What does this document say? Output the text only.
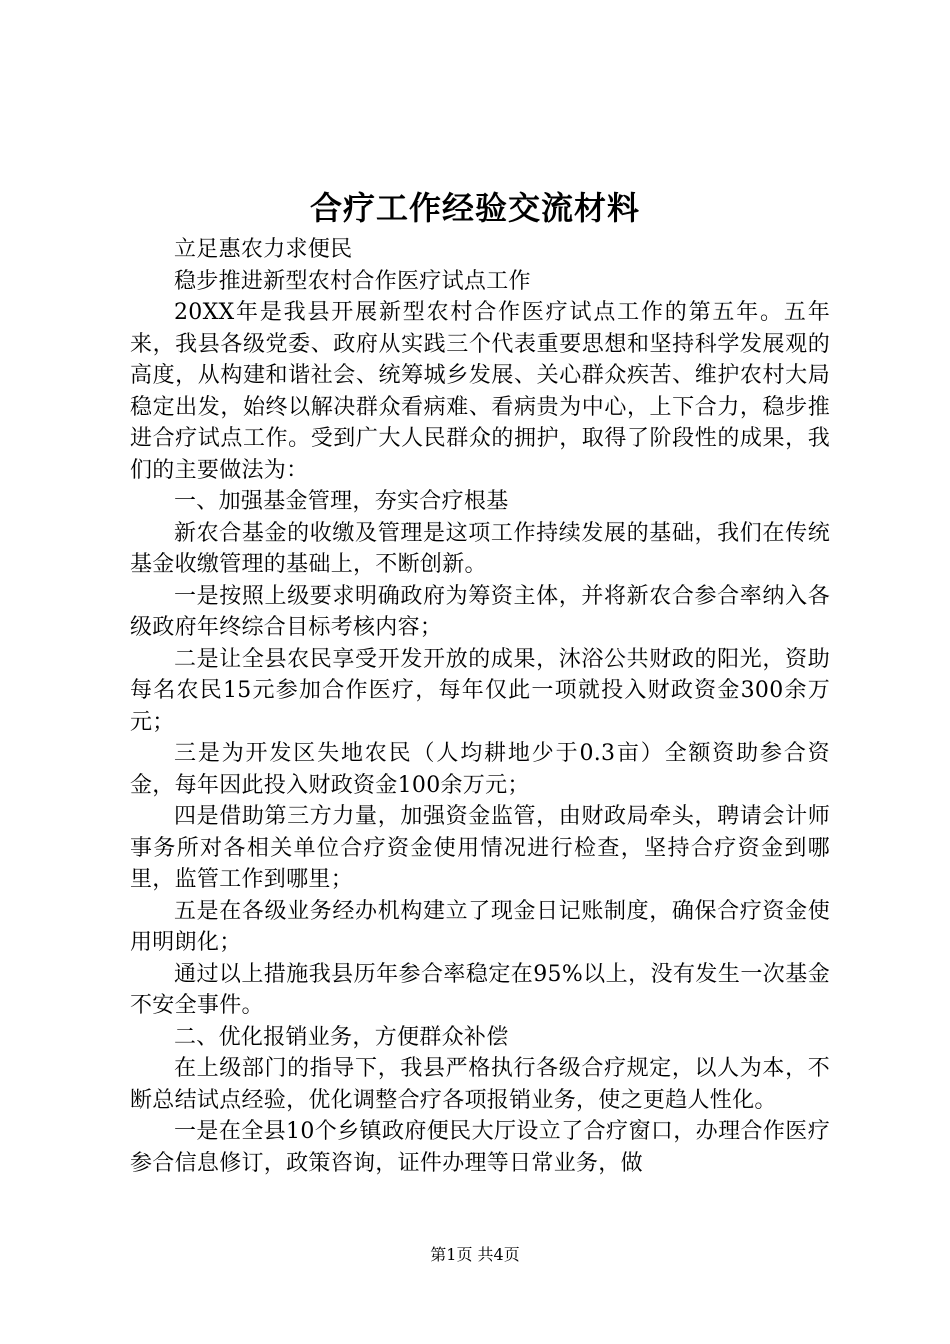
合疗工作经验交流材料

立足惠农力求便民

稳步推进新型农村合作医疗试点工作

20XX年是我县开展新型农村合作医疗试点工作的第五年。五年来，我县各级党委、政府从实践三个代表重要思想和坚持科学发展观的高度，从构建和谐社会、统筹城乡发展、关心群众疾苦、维护农村大局稳定出发，始终以解决群众看病难、看病贵为中心，上下合力，稳步推进合疗试点工作。受到广大人民群众的拥护，取得了阶段性的成果，我们的主要做法为：

一、加强基金管理，夯实合疗根基

新农合基金的收缴及管理是这项工作持续发展的基础，我们在传统基金收缴管理的基础上，不断创新。

一是按照上级要求明确政府为筹资主体，并将新农合参合率纳入各级政府年终综合目标考核内容；

二是让全县农民享受开发开放的成果，沐浴公共财政的阳光，资助每名农民15元参加合作医疗，每年仅此一项就投入财政资金300余万元；

三是为开发区失地农民（人均耕地少于0.3亩）全额资助参合资金，每年因此投入财政资金100余万元；

四是借助第三方力量，加强资金监管，由财政局牵头，聘请会计师事务所对各相关单位合疗资金使用情况进行检查，坚持合疗资金到哪里，监管工作到哪里；

五是在各级业务经办机构建立了现金日记账制度，确保合疗资金使用明朗化；

通过以上措施我县历年参合率稳定在95%以上，没有发生一次基金不安全事件。

二、优化报销业务，方便群众补偿

在上级部门的指导下，我县严格执行各级合疗规定，以人为本，不断总结试点经验，优化调整合疗各项报销业务，使之更趋人性化。

一是在全县10个乡镇政府便民大厅设立了合疗窗口，办理合作医疗参合信息修订，政策咨询，证件办理等日常业务，做

第1页 共4页
